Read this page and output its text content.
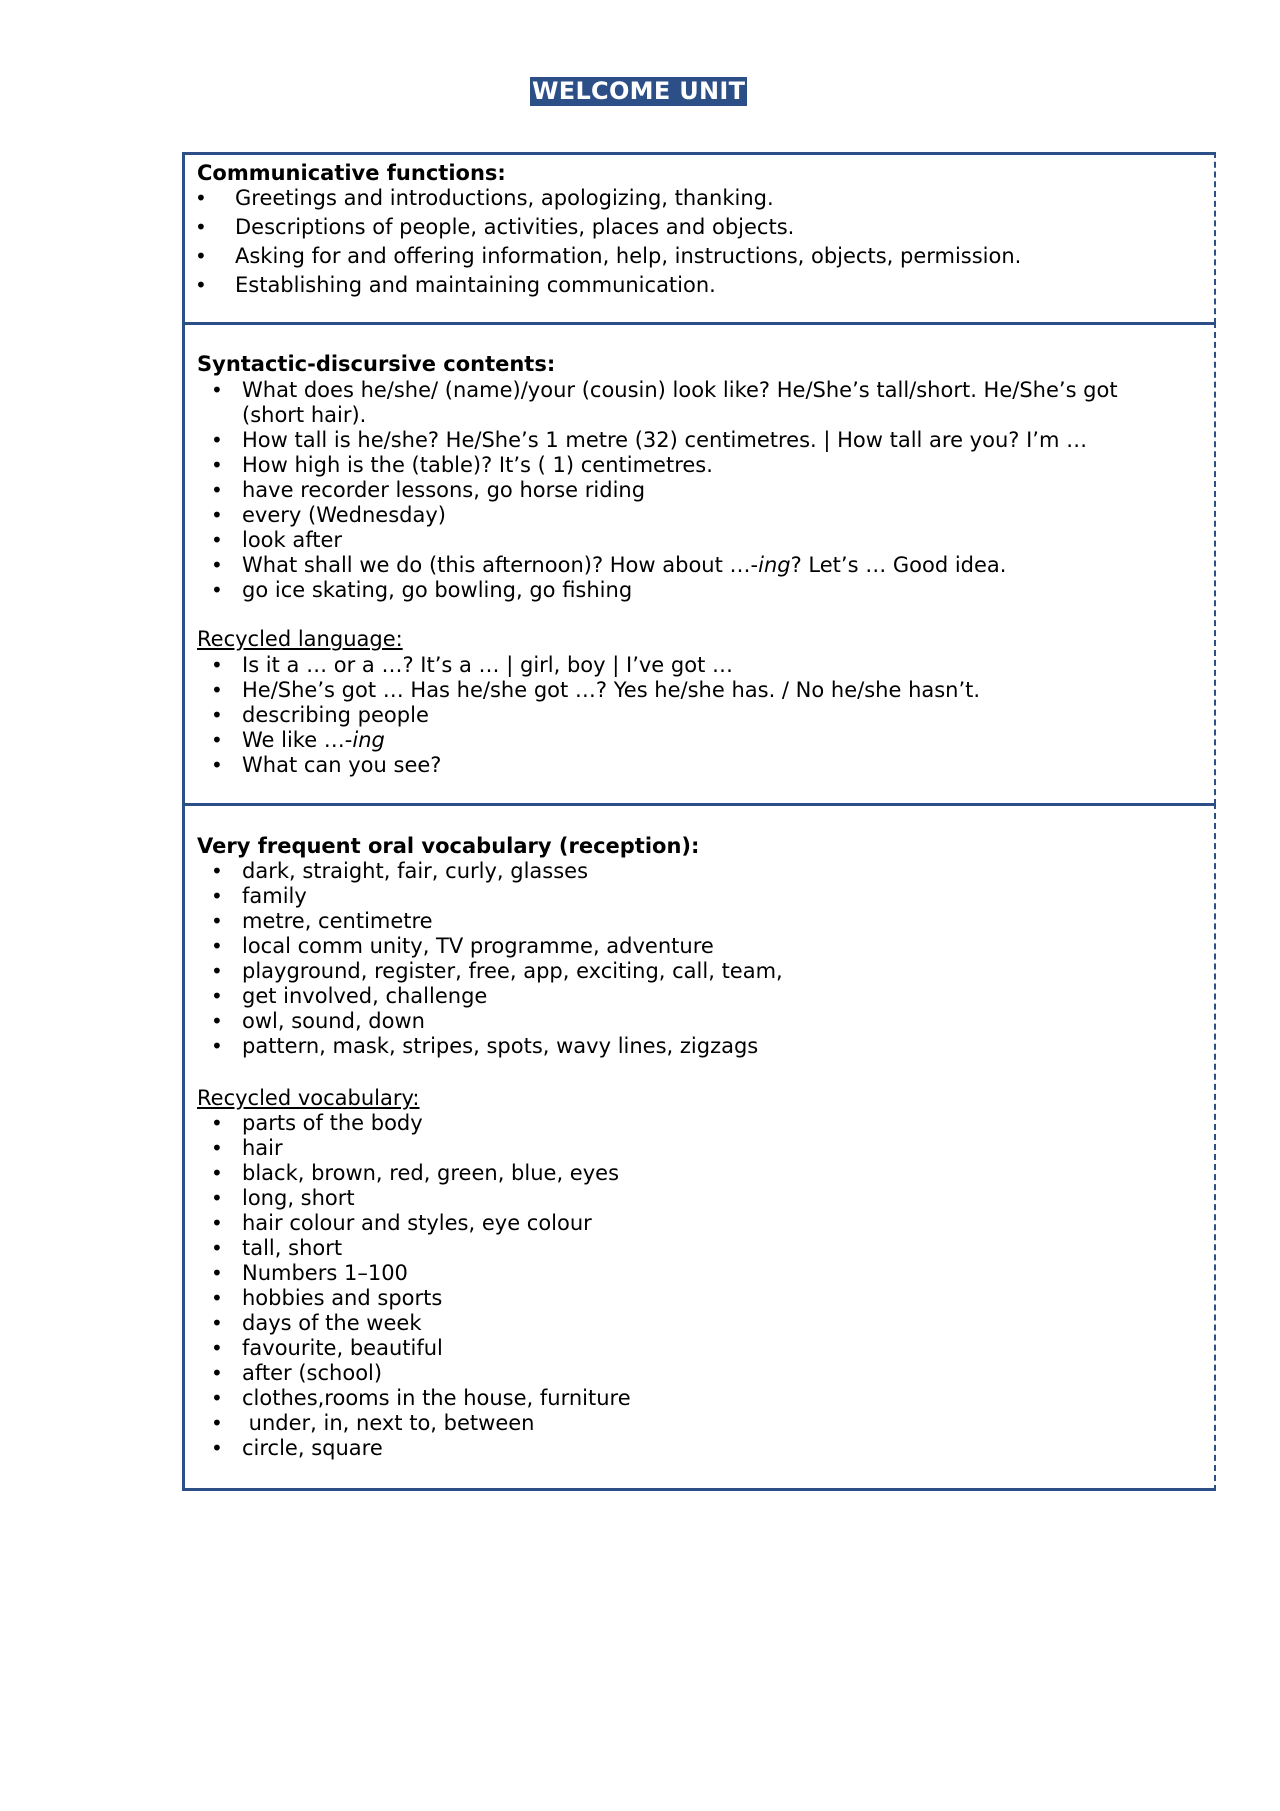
WELCOME UNIT
Communicative functions:
• Greetings and introductions, apologizing, thanking.
• Descriptions of people, activities, places and objects.
• Asking for and offering information, help, instructions, objects, permission.
• Establishing and maintaining communication.
Syntactic-discursive contents:
• What does he/she/ (name)/your (cousin) look like? He/She’s tall/short. He/She’s got (short hair).
• How tall is he/she? He/She’s 1 metre (32) centimetres. | How tall are you? I’m …
• How high is the (table)? It’s ( 1) centimetres.
• have recorder lessons, go horse riding
• every (Wednesday)
• look after
• What shall we do (this afternoon)? How about …-ing? Let’s … Good idea.
• go ice skating, go bowling, go fishing
Recycled language:
• Is it a … or a …? It’s a … | girl, boy | I’ve got …
• He/She’s got … Has he/she got …? Yes he/she has. / No he/she hasn’t.
• describing people
• We like …-ing
• What can you see?
Very frequent oral vocabulary (reception):
• dark, straight, fair, curly, glasses
• family
• metre, centimetre
• local comm unity, TV programme, adventure
• playground, register, free, app, exciting, call, team,
• get involved, challenge
• owl, sound, down
• pattern, mask, stripes, spots, wavy lines, zigzags
Recycled vocabulary:
• parts of the body
• hair
• black, brown, red, green, blue, eyes
• long, short
• hair colour and styles, eye colour
• tall, short
• Numbers 1–100
• hobbies and sports
• days of the week
• favourite, beautiful
• after (school)
• clothes,rooms in the house, furniture
• under, in, next to, between
• circle, square
